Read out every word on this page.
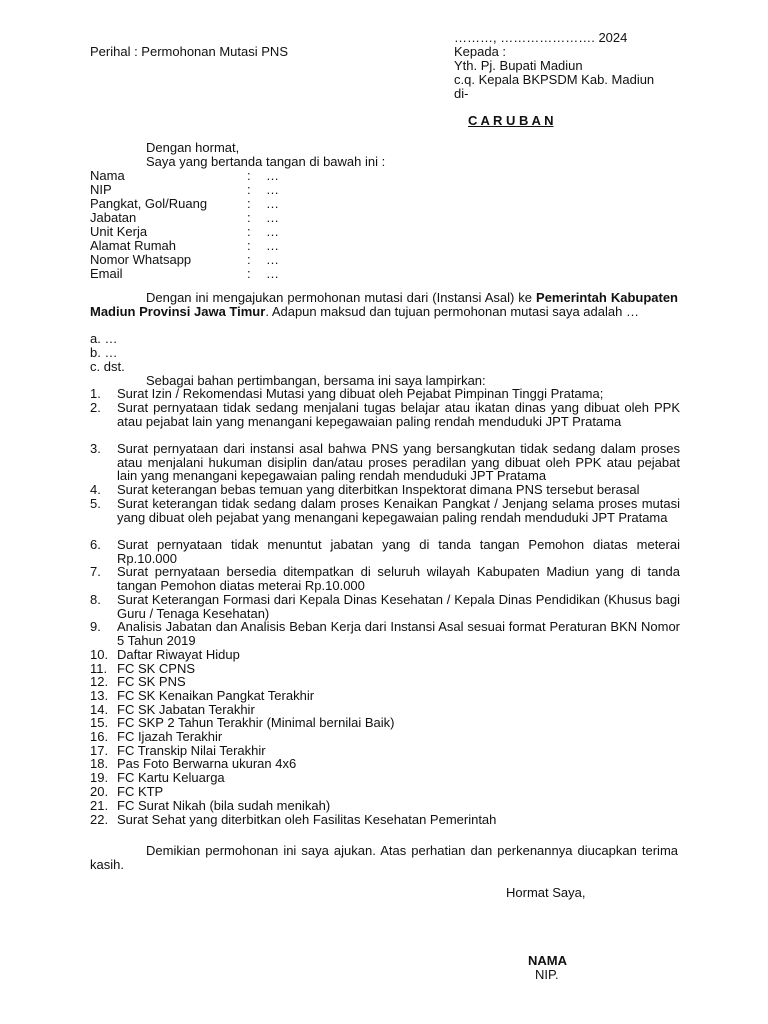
………, …………………. 2024
Perihal : Permohonan Mutasi PNS	Kepada :
Yth. Pj. Bupati Madiun
c.q. Kepala BKPSDM Kab. Madiun
di-
C A R U B A N
Dengan hormat,
Saya yang bertanda tangan di bawah ini :
Nama	: …
NIP	: …
Pangkat, Gol/Ruang	: …
Jabatan	: …
Unit Kerja	: …
Alamat Rumah	: …
Nomor Whatsapp	: …
Email	: …
Dengan ini mengajukan permohonan mutasi dari (Instansi Asal) ke Pemerintah Kabupaten Madiun Provinsi Jawa Timur. Adapun maksud dan tujuan permohonan mutasi saya adalah …
a. …
b. …
c. dst.
Sebagai bahan pertimbangan, bersama ini saya lampirkan:
1.	Surat Izin / Rekomendasi Mutasi yang dibuat oleh Pejabat Pimpinan Tinggi Pratama;
2.	Surat pernyataan tidak sedang menjalani tugas belajar atau ikatan dinas yang dibuat oleh PPK atau pejabat lain yang menangani kepegawaian paling rendah menduduki JPT Pratama
3.	Surat pernyataan dari instansi asal bahwa PNS yang bersangkutan tidak sedang dalam proses atau menjalani hukuman disiplin dan/atau proses peradilan yang dibuat oleh PPK atau pejabat lain yang menangani kepegawaian paling rendah menduduki JPT Pratama
4.	Surat keterangan bebas temuan yang diterbitkan Inspektorat dimana PNS tersebut berasal
5.	Surat keterangan tidak sedang dalam proses Kenaikan Pangkat / Jenjang selama proses mutasi yang dibuat oleh pejabat yang menangani kepegawaian paling rendah menduduki JPT Pratama
6.	Surat pernyataan tidak menuntut jabatan yang di tanda tangan Pemohon diatas meterai Rp.10.000
7.	Surat pernyataan bersedia ditempatkan di seluruh wilayah Kabupaten Madiun yang di tanda tangan Pemohon diatas meterai Rp.10.000
8.	Surat Keterangan Formasi dari Kepala Dinas Kesehatan / Kepala Dinas Pendidikan (Khusus bagi Guru / Tenaga Kesehatan)
9.	Analisis Jabatan dan Analisis Beban Kerja dari Instansi Asal sesuai format Peraturan BKN Nomor 5 Tahun 2019
10. Daftar Riwayat Hidup
11. FC SK CPNS
12. FC SK PNS
13. FC SK Kenaikan Pangkat Terakhir
14. FC SK Jabatan Terakhir
15. FC SKP 2 Tahun Terakhir (Minimal bernilai Baik)
16. FC Ijazah Terakhir
17. FC Transkip Nilai Terakhir
18. Pas Foto Berwarna ukuran 4x6
19. FC Kartu Keluarga
20. FC KTP
21. FC Surat Nikah (bila sudah menikah)
22. Surat Sehat yang diterbitkan oleh Fasilitas Kesehatan Pemerintah
Demikian permohonan ini saya ajukan. Atas perhatian dan perkenannya diucapkan terima kasih.
Hormat Saya,
NAMA
NIP.
